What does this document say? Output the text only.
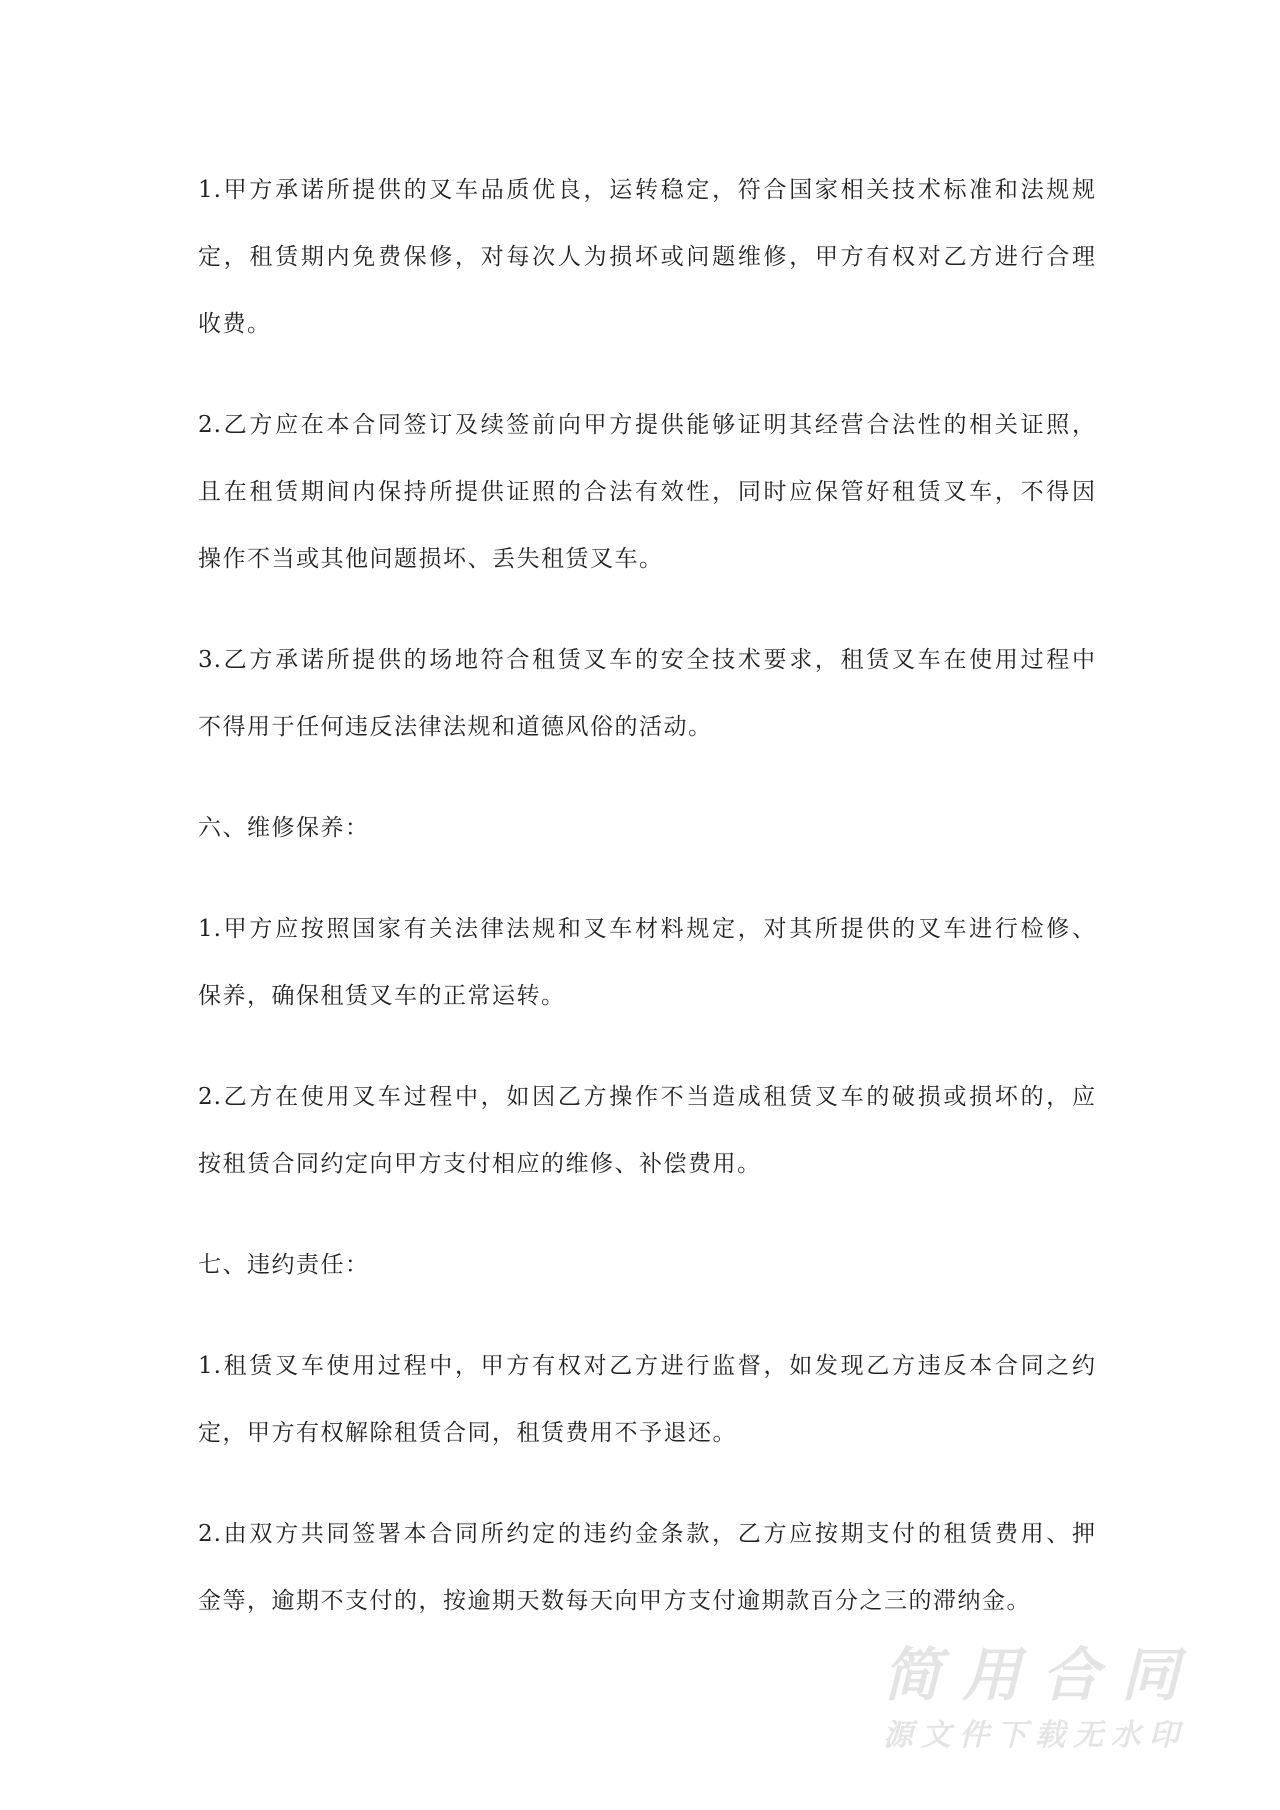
1.甲方承诺所提供的叉车品质优良，运转稳定，符合国家相关技术标准和法规规
定，租赁期内免费保修，对每次人为损坏或问题维修，甲方有权对乙方进行合理
收费。
2.乙方应在本合同签订及续签前向甲方提供能够证明其经营合法性的相关证照，
且在租赁期间内保持所提供证照的合法有效性，同时应保管好租赁叉车，不得因
操作不当或其他问题损坏、丢失租赁叉车。
3.乙方承诺所提供的场地符合租赁叉车的安全技术要求，租赁叉车在使用过程中
不得用于任何违反法律法规和道德风俗的活动。
六、维修保养：
1.甲方应按照国家有关法律法规和叉车材料规定，对其所提供的叉车进行检修、
保养，确保租赁叉车的正常运转。
2.乙方在使用叉车过程中，如因乙方操作不当造成租赁叉车的破损或损坏的，应
按租赁合同约定向甲方支付相应的维修、补偿费用。
七、违约责任：
1.租赁叉车使用过程中，甲方有权对乙方进行监督，如发现乙方违反本合同之约
定，甲方有权解除租赁合同，租赁费用不予退还。
2.由双方共同签署本合同所约定的违约金条款，乙方应按期支付的租赁费用、押
金等，逾期不支付的，按逾期天数每天向甲方支付逾期款百分之三的滞纳金。
简用合同
源文件下载无水印
